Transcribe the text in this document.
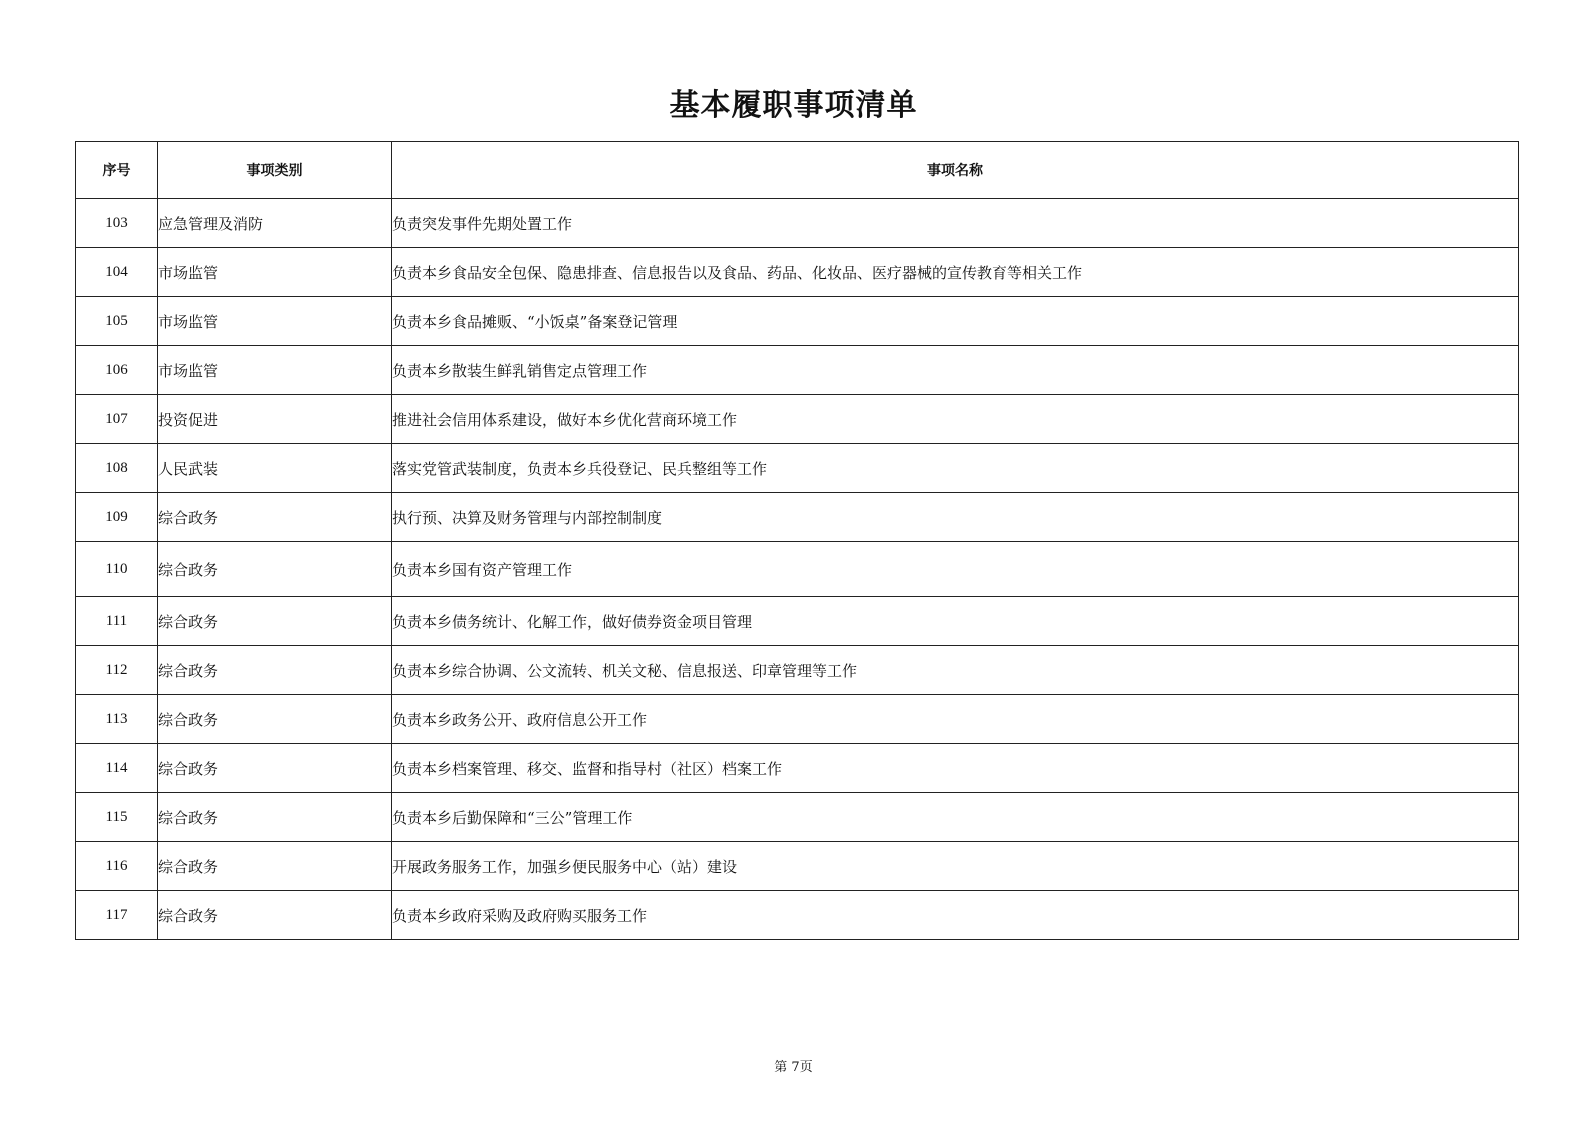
基本履职事项清单
序号	事项类别	事项名称
103	应急管理及消防	负责突发事件先期处置工作
104	市场监管	负责本乡食品安全包保、隐患排查、信息报告以及食品、药品、化妆品、医疗器械的宣传教育等相关工作
105	市场监管	负责本乡食品摊贩、“小饭桌”备案登记管理
106	市场监管	负责本乡散装生鲜乳销售定点管理工作
107	投资促进	推进社会信用体系建设，做好本乡优化营商环境工作
108	人民武装	落实党管武装制度，负责本乡兵役登记、民兵整组等工作
109	综合政务	执行预、决算及财务管理与内部控制制度
110	综合政务	负责本乡国有资产管理工作
111	综合政务	负责本乡债务统计、化解工作，做好债券资金项目管理
112	综合政务	负责本乡综合协调、公文流转、机关文秘、信息报送、印章管理等工作
113	综合政务	负责本乡政务公开、政府信息公开工作
114	综合政务	负责本乡档案管理、移交、监督和指导村（社区）档案工作
115	综合政务	负责本乡后勤保障和“三公”管理工作
116	综合政务	开展政务服务工作，加强乡便民服务中心（站）建设
117	综合政务	负责本乡政府采购及政府购买服务工作
第 7页
